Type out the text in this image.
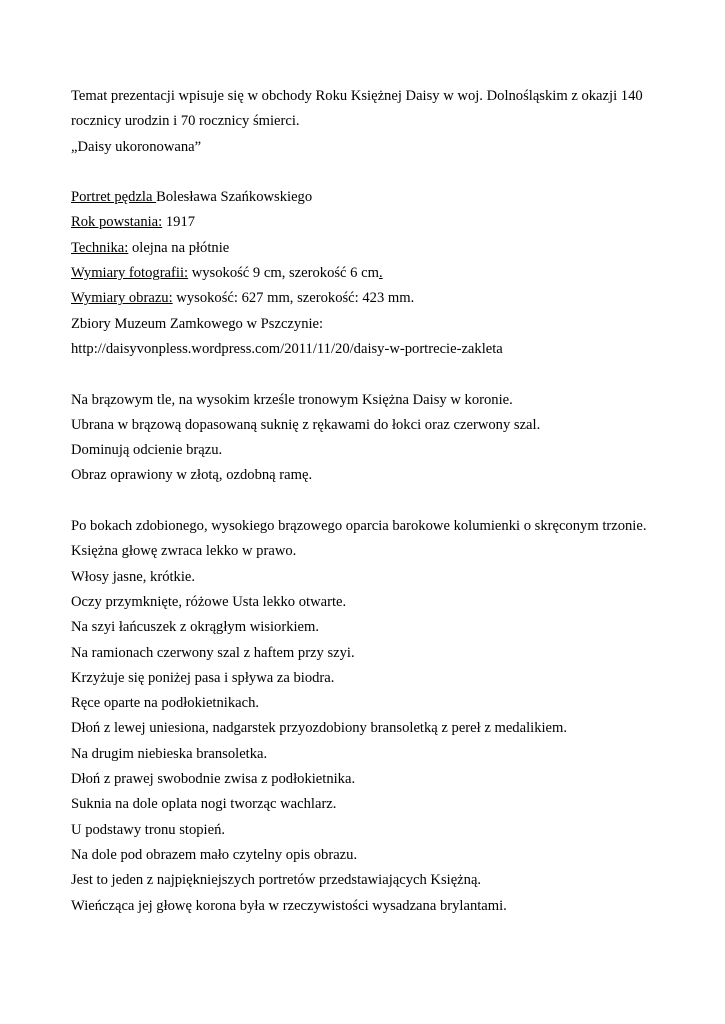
Temat prezentacji wpisuje się w obchody Roku Księżnej Daisy w woj. Dolnośląskim z okazji 140
rocznicy urodzin i 70 rocznicy śmierci.
„Daisy ukoronowana”
Portret pędzla Bolesława Szańkowskiego
Rok powstania: 1917
Technika: olejna na płótnie
Wymiary fotografii: wysokość 9 cm, szerokość 6 cm.
Wymiary obrazu: wysokość: 627 mm, szerokość: 423 mm.
Zbiory Muzeum Zamkowego w Pszczynie:
http://daisyvonpless.wordpress.com/2011/11/20/daisy-w-portrecie-zakleta
Na brązowym tle, na wysokim krześle tronowym Księżna Daisy w koronie.
Ubrana w brązową dopasowaną suknię z rękawami do łokci oraz czerwony szal.
Dominują odcienie brązu.
Obraz oprawiony w złotą, ozdobną ramę.
Po bokach zdobionego, wysokiego brązowego oparcia barokowe kolumienki o skręconym trzonie.
Księżna głowę zwraca lekko w prawo.
Włosy jasne, krótkie.
Oczy przymknięte, różowe Usta lekko otwarte.
Na szyi łańcuszek z okrągłym wisiorkiem.
Na ramionach czerwony szal z haftem przy szyi.
Krzyżuje się poniżej pasa i spływa za biodra.
Ręce oparte na podłokietnikach.
Dłoń z lewej uniesiona, nadgarstek przyozdobiony bransoletką z pereł z medalikiem.
Na drugim niebieska bransoletka.
Dłoń z prawej swobodnie zwisa z podłokietnika.
Suknia na dole oplata nogi tworząc wachlarz.
U podstawy tronu stopień.
Na dole pod obrazem mało czytelny opis obrazu.
Jest to jeden z najpiękniejszych portretów przedstawiających Księżną.
Wieńcząca jej głowę korona była w rzeczywistości wysadzana brylantami.
